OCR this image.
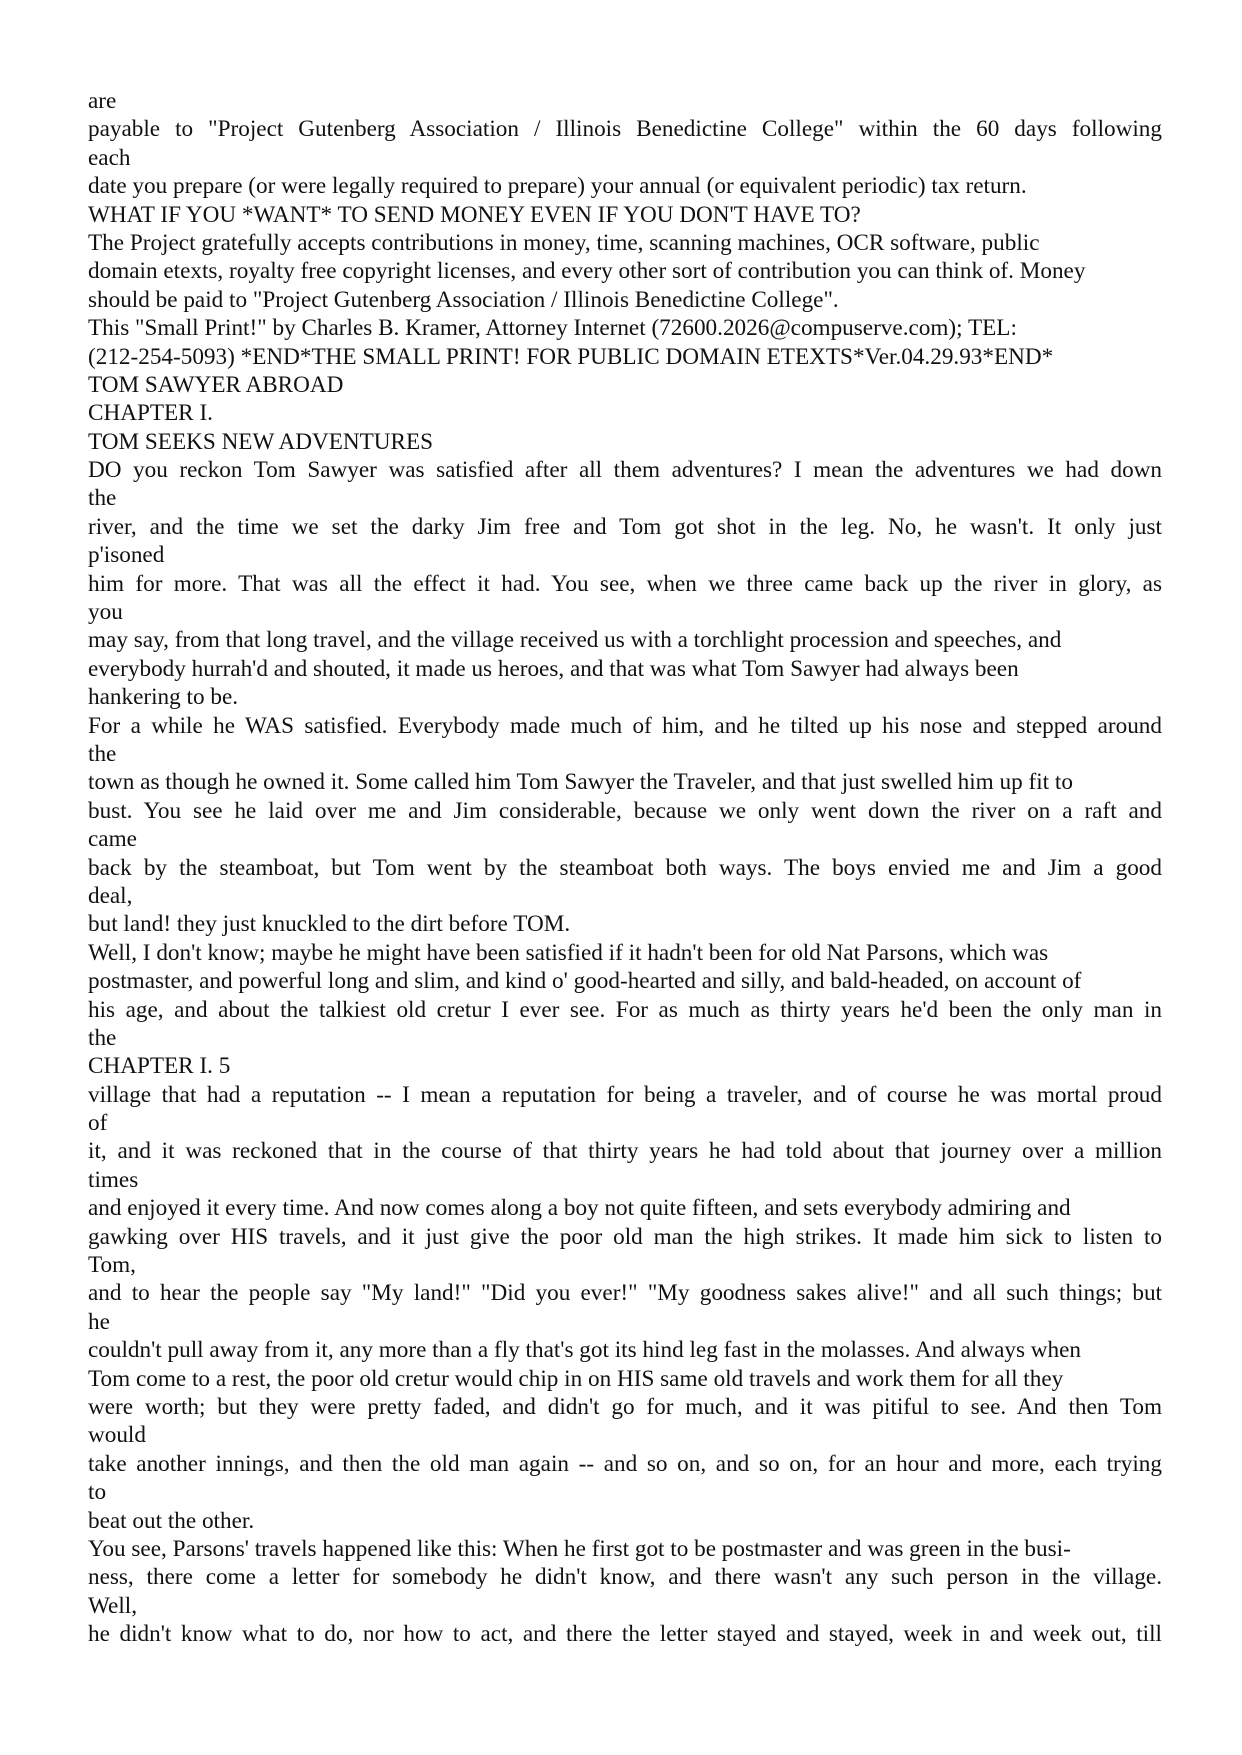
are
payable to "Project Gutenberg Association / Illinois Benedictine College" within the 60 days following
each
date you prepare (or were legally required to prepare) your annual (or equivalent periodic) tax return.
WHAT IF YOU *WANT* TO SEND MONEY EVEN IF YOU DON'T HAVE TO?
The Project gratefully accepts contributions in money, time, scanning machines, OCR software, public
domain etexts, royalty free copyright licenses, and every other sort of contribution you can think of. Money
should be paid to "Project Gutenberg Association / Illinois Benedictine College".
This "Small Print!" by Charles B. Kramer, Attorney Internet (72600.2026@compuserve.com); TEL:
(212-254-5093) *END*THE SMALL PRINT! FOR PUBLIC DOMAIN ETEXTS*Ver.04.29.93*END*
TOM SAWYER ABROAD
CHAPTER I.
TOM SEEKS NEW ADVENTURES
DO you reckon Tom Sawyer was satisfied after all them adventures? I mean the adventures we had down
the
river, and the time we set the darky Jim free and Tom got shot in the leg. No, he wasn't. It only just
p'isoned
him for more. That was all the effect it had. You see, when we three came back up the river in glory, as
you
may say, from that long travel, and the village received us with a torchlight procession and speeches, and
everybody hurrah'd and shouted, it made us heroes, and that was what Tom Sawyer had always been
hankering to be.
For a while he WAS satisfied. Everybody made much of him, and he tilted up his nose and stepped around
the
town as though he owned it. Some called him Tom Sawyer the Traveler, and that just swelled him up fit to
bust. You see he laid over me and Jim considerable, because we only went down the river on a raft and
came
back by the steamboat, but Tom went by the steamboat both ways. The boys envied me and Jim a good
deal,
but land! they just knuckled to the dirt before TOM.
Well, I don't know; maybe he might have been satisfied if it hadn't been for old Nat Parsons, which was
postmaster, and powerful long and slim, and kind o' good-hearted and silly, and bald-headed, on account of
his age, and about the talkiest old cretur I ever see. For as much as thirty years he'd been the only man in
the
CHAPTER I. 5
village that had a reputation -- I mean a reputation for being a traveler, and of course he was mortal proud
of
it, and it was reckoned that in the course of that thirty years he had told about that journey over a million
times
and enjoyed it every time. And now comes along a boy not quite fifteen, and sets everybody admiring and
gawking over HIS travels, and it just give the poor old man the high strikes. It made him sick to listen to
Tom,
and to hear the people say "My land!" "Did you ever!" "My goodness sakes alive!" and all such things; but
he
couldn't pull away from it, any more than a fly that's got its hind leg fast in the molasses. And always when
Tom come to a rest, the poor old cretur would chip in on HIS same old travels and work them for all they
were worth; but they were pretty faded, and didn't go for much, and it was pitiful to see. And then Tom
would
take another innings, and then the old man again -- and so on, and so on, for an hour and more, each trying
to
beat out the other.
You see, Parsons' travels happened like this: When he first got to be postmaster and was green in the busi-
ness, there come a letter for somebody he didn't know, and there wasn't any such person in the village.
Well,
he didn't know what to do, nor how to act, and there the letter stayed and stayed, week in and week out, till
